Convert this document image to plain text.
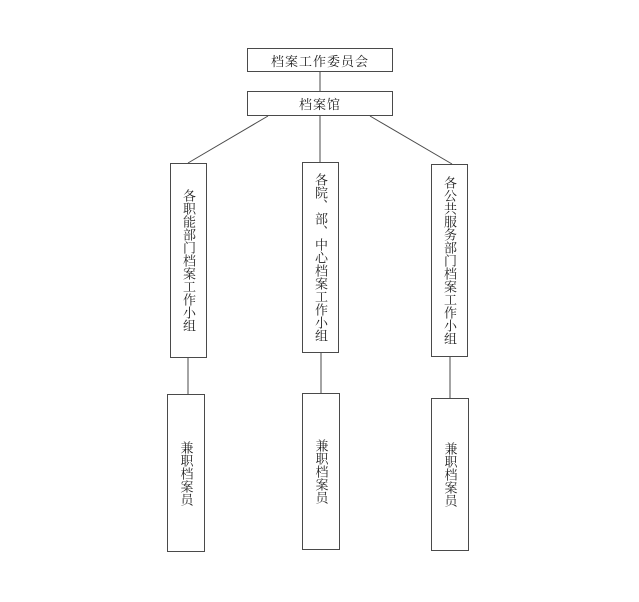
档案工作委员会
档案馆
各职能部门档案工作小组	各院、部、中心档案工作小组	各公共服务部门档案工作小组
兼职档案员	兼职档案员	兼职档案员
